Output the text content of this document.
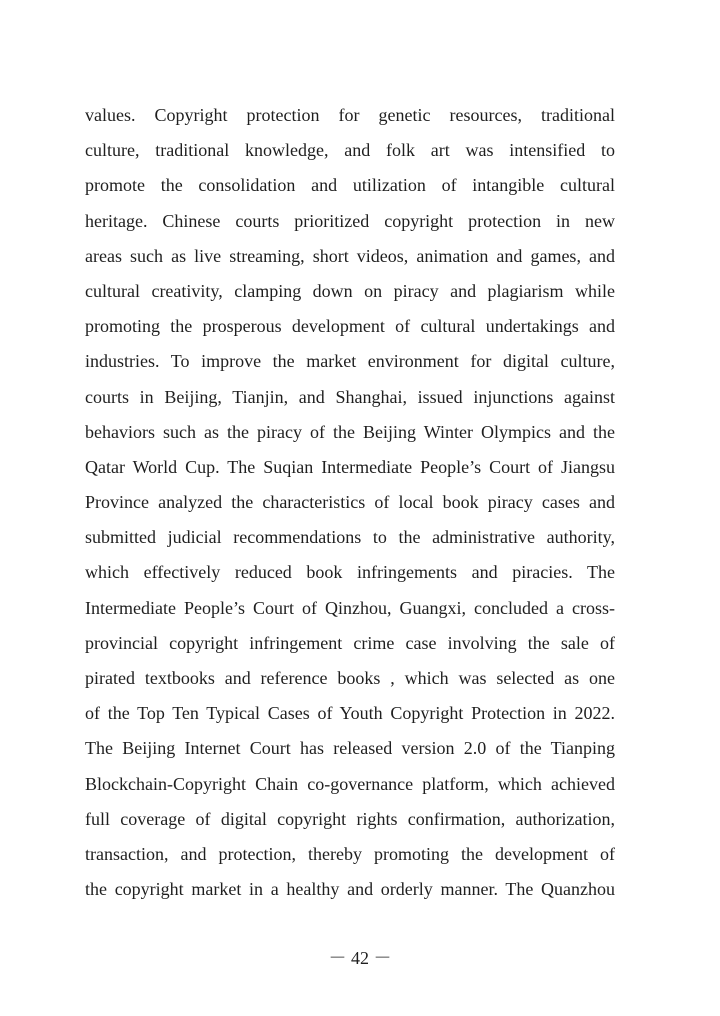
values. Copyright protection for genetic resources, traditional
culture, traditional knowledge, and folk art was intensified to
promote the consolidation and utilization of intangible cultural
heritage. Chinese courts prioritized copyright protection in new
areas such as live streaming, short videos, animation and games, and
cultural creativity, clamping down on piracy and plagiarism while
promoting the prosperous development of cultural undertakings and
industries. To improve the market environment for digital culture,
courts in Beijing, Tianjin, and Shanghai, issued injunctions against
behaviors such as the piracy of the Beijing Winter Olympics and the
Qatar World Cup. The Suqian Intermediate People’s Court of Jiangsu
Province analyzed the characteristics of local book piracy cases and
submitted judicial recommendations to the administrative authority,
which effectively reduced book infringements and piracies. The
Intermediate People’s Court of Qinzhou, Guangxi, concluded a cross-
provincial copyright infringement crime case involving the sale of
pirated textbooks and reference books , which was selected as one
of the Top Ten Typical Cases of Youth Copyright Protection in 2022.
The Beijing Internet Court has released version 2.0 of the Tianping
Blockchain-Copyright Chain co-governance platform, which achieved
full coverage of digital copyright rights confirmation, authorization,
transaction, and protection, thereby promoting the development of
the copyright market in a healthy and orderly manner. The Quanzhou
－ 42 －
